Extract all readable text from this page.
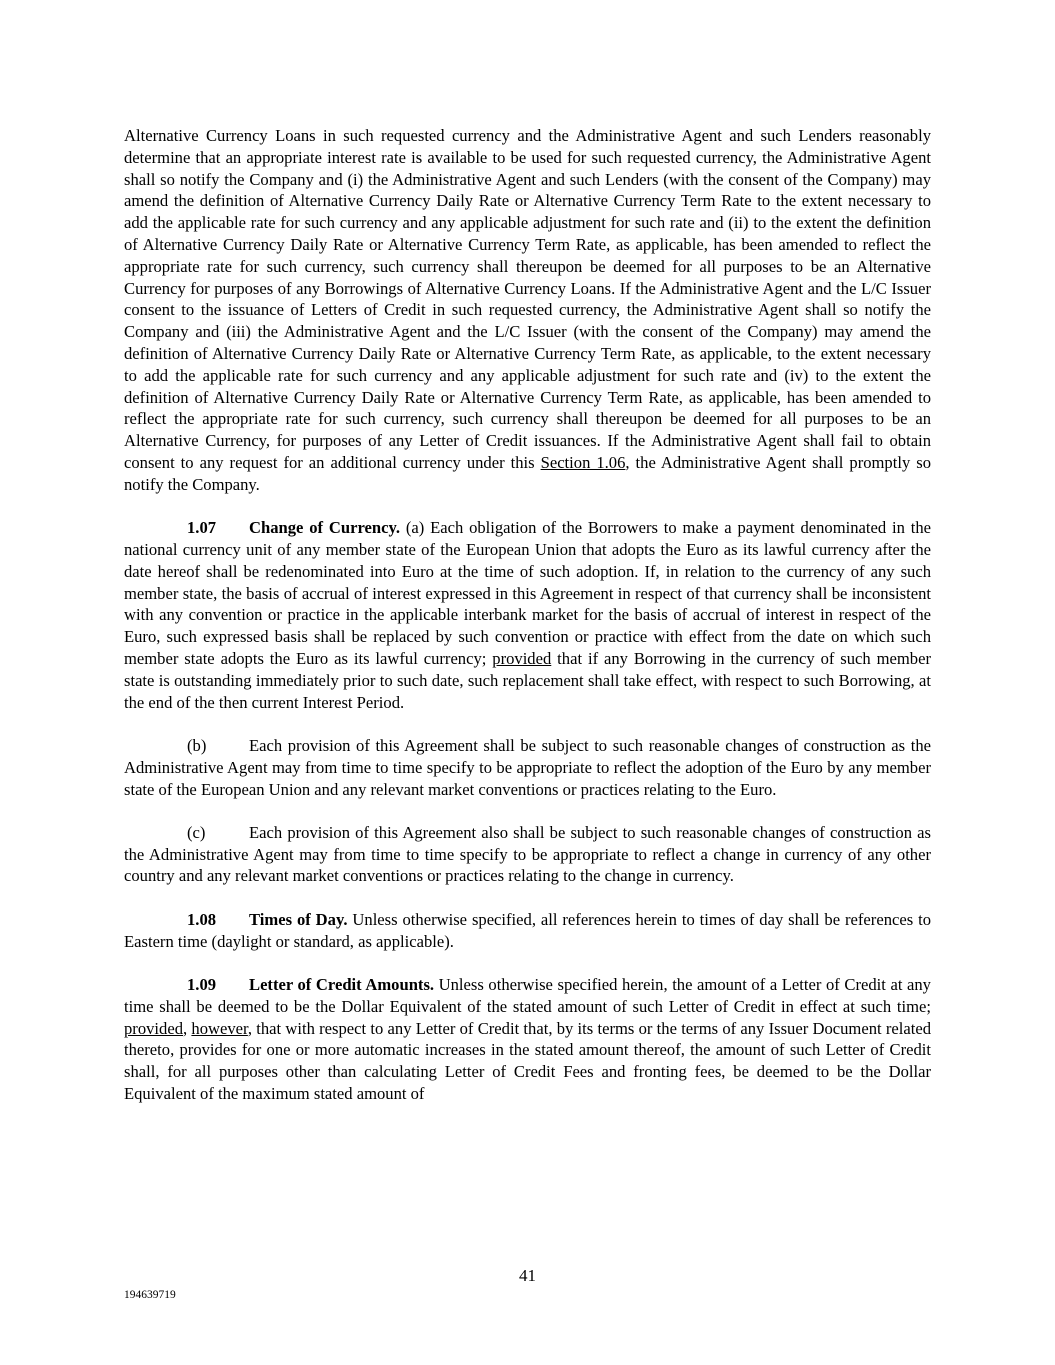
Alternative Currency Loans in such requested currency and the Administrative Agent and such Lenders reasonably determine that an appropriate interest rate is available to be used for such requested currency, the Administrative Agent shall so notify the Company and (i) the Administrative Agent and such Lenders (with the consent of the Company) may amend the definition of Alternative Currency Daily Rate or Alternative Currency Term Rate to the extent necessary to add the applicable rate for such currency and any applicable adjustment for such rate and (ii) to the extent the definition of Alternative Currency Daily Rate or Alternative Currency Term Rate, as applicable, has been amended to reflect the appropriate rate for such currency, such currency shall thereupon be deemed for all purposes to be an Alternative Currency for purposes of any Borrowings of Alternative Currency Loans. If the Administrative Agent and the L/C Issuer consent to the issuance of Letters of Credit in such requested currency, the Administrative Agent shall so notify the Company and (iii) the Administrative Agent and the L/C Issuer (with the consent of the Company) may amend the definition of Alternative Currency Daily Rate or Alternative Currency Term Rate, as applicable, to the extent necessary to add the applicable rate for such currency and any applicable adjustment for such rate and (iv) to the extent the definition of Alternative Currency Daily Rate or Alternative Currency Term Rate, as applicable, has been amended to reflect the appropriate rate for such currency, such currency shall thereupon be deemed for all purposes to be an Alternative Currency, for purposes of any Letter of Credit issuances. If the Administrative Agent shall fail to obtain consent to any request for an additional currency under this Section 1.06, the Administrative Agent shall promptly so notify the Company.

1.07 Change of Currency. (a) Each obligation of the Borrowers to make a payment denominated in the national currency unit of any member state of the European Union that adopts the Euro as its lawful currency after the date hereof shall be redenominated into Euro at the time of such adoption. If, in relation to the currency of any such member state, the basis of accrual of interest expressed in this Agreement in respect of that currency shall be inconsistent with any convention or practice in the applicable interbank market for the basis of accrual of interest in respect of the Euro, such expressed basis shall be replaced by such convention or practice with effect from the date on which such member state adopts the Euro as its lawful currency; provided that if any Borrowing in the currency of such member state is outstanding immediately prior to such date, such replacement shall take effect, with respect to such Borrowing, at the end of the then current Interest Period.

(b)	Each provision of this Agreement shall be subject to such reasonable changes of construction as the Administrative Agent may from time to time specify to be appropriate to reflect the adoption of the Euro by any member state of the European Union and any relevant market conventions or practices relating to the Euro.

(c)	Each provision of this Agreement also shall be subject to such reasonable changes of construction as the Administrative Agent may from time to time specify to be appropriate to reflect a change in currency of any other country and any relevant market conventions or practices relating to the change in currency.

1.08 Times of Day. Unless otherwise specified, all references herein to times of day shall be references to Eastern time (daylight or standard, as applicable).

1.09 Letter of Credit Amounts. Unless otherwise specified herein, the amount of a Letter of Credit at any time shall be deemed to be the Dollar Equivalent of the stated amount of such Letter of Credit in effect at such time; provided, however, that with respect to any Letter of Credit that, by its terms or the terms of any Issuer Document related thereto, provides for one or more automatic increases in the stated amount thereof, the amount of such Letter of Credit shall, for all purposes other than calculating Letter of Credit Fees and fronting fees, be deemed to be the Dollar Equivalent of the maximum stated amount of

41
194639719
